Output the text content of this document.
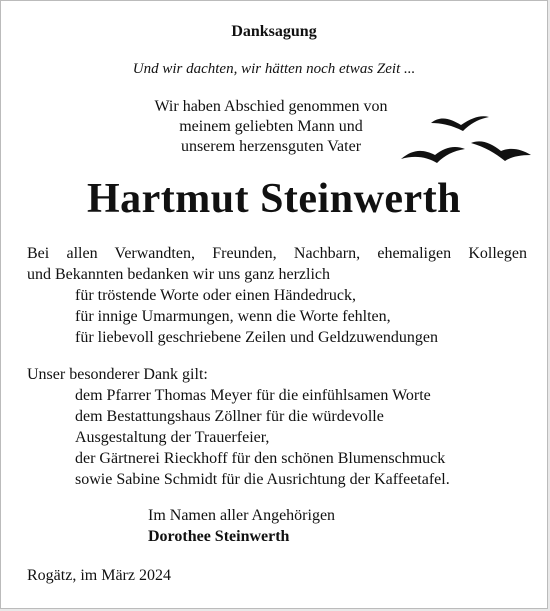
Danksagung
Und wir dachten, wir hätten noch etwas Zeit ...
Wir haben Abschied genommen von
meinem geliebten Mann und
unserem herzensguten Vater
Hartmut Steinwerth
Bei allen Verwandten, Freunden, Nachbarn, ehemaligen Kollegen
und Bekannten bedanken wir uns ganz herzlich
für tröstende Worte oder einen Händedruck,
für innige Umarmungen, wenn die Worte fehlten,
für liebevoll geschriebene Zeilen und Geldzuwendungen
Unser besonderer Dank gilt:
dem Pfarrer Thomas Meyer für die einfühlsamen Worte
dem Bestattungshaus Zöllner für die würdevolle
Ausgestaltung der Trauerfeier,
der Gärtnerei Rieckhoff für den schönen Blumenschmuck
sowie Sabine Schmidt für die Ausrichtung der Kaffeetafel.
Im Namen aller Angehörigen
Dorothee Steinwerth
Rogätz, im März 2024
